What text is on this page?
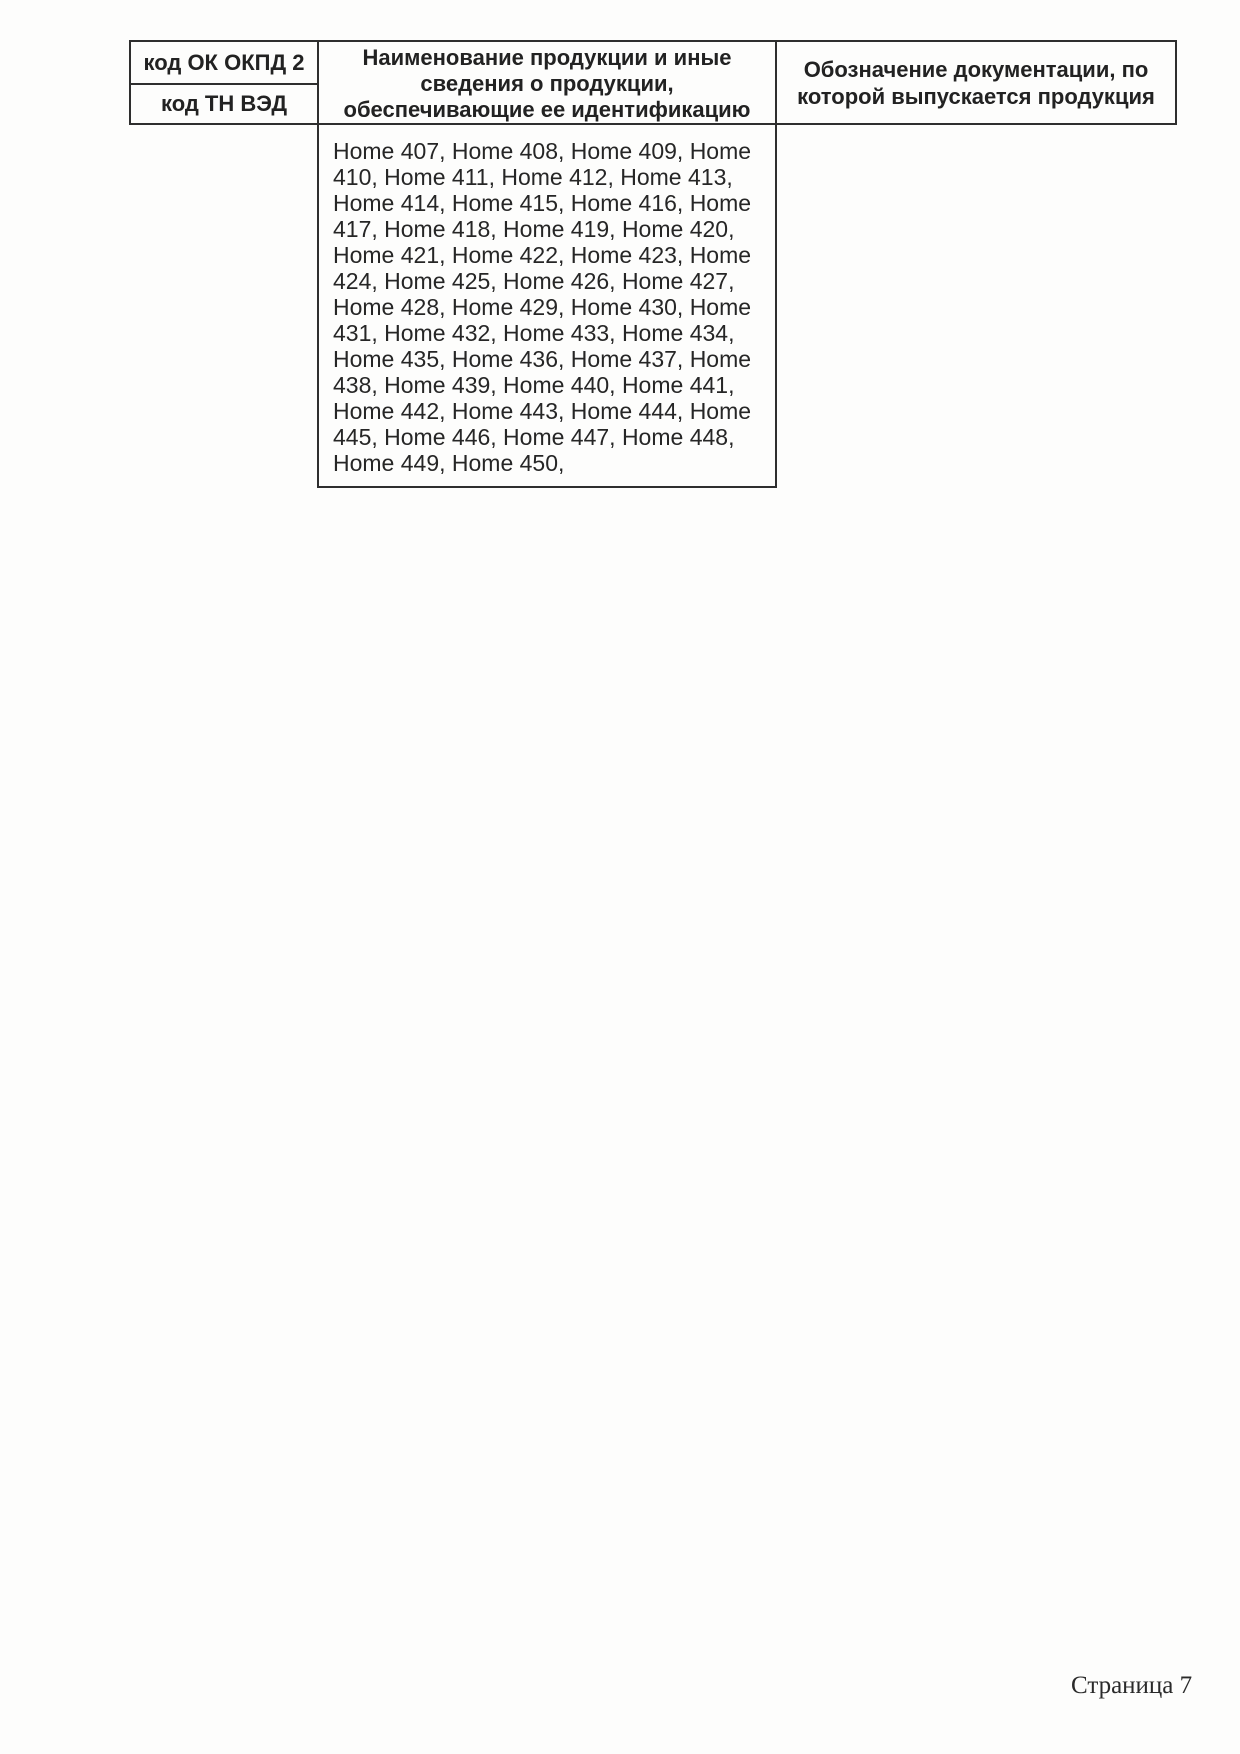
код ОК ОКПД 2
код ТН ВЭД
Наименование продукции и иные сведения о продукции, обеспечивающие ее идентификацию
Обозначение документации, по которой выпускается продукция
Home 407, Home 408, Home 409, Home 410, Home 411, Home 412, Home 413, Home 414, Home 415, Home 416, Home 417, Home 418, Home 419, Home 420, Home 421, Home 422, Home 423, Home 424, Home 425, Home 426, Home 427, Home 428, Home 429, Home 430, Home 431, Home 432, Home 433, Home 434, Home 435, Home 436, Home 437, Home 438, Home 439, Home 440, Home 441, Home 442, Home 443, Home 444, Home 445, Home 446, Home 447, Home 448, Home 449, Home 450,
Страница 7
